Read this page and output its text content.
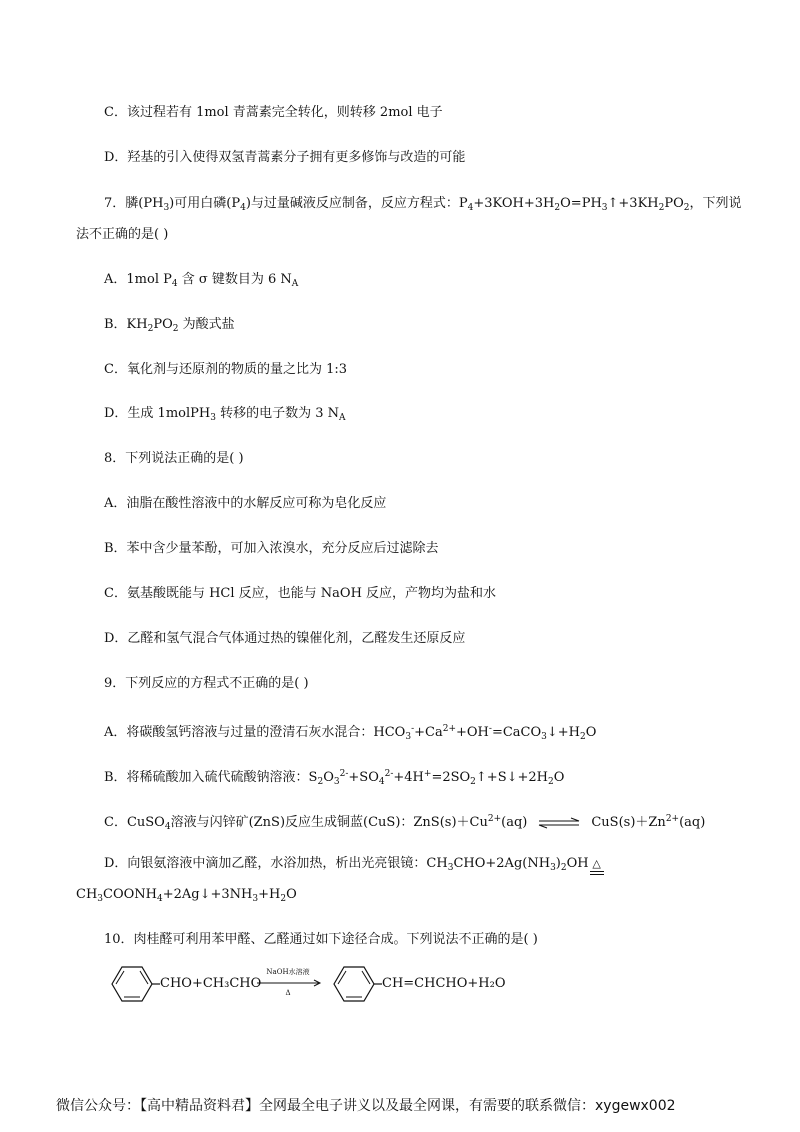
C．该过程若有 1mol 青蒿素完全转化，则转移 2mol 电子
D．羟基的引入使得双氢青蒿素分子拥有更多修饰与改造的可能
7．膦$(PH_3)$可用白磷$(P_4)$与过量碱液反应制备，反应方程式：$P_4+3KOH+3H_2O=PH_3↑+3KH_2PO_2$，下列说
法不正确的是( )
A．1mol $P_4$ 含 σ 键数目为 6 $N_A$
B．$KH_2PO_2$ 为酸式盐
C．氧化剂与还原剂的物质的量之比为 1:3
D．生成 1molPH$_3$ 转移的电子数为 3 $N_A$
8．下列说法正确的是( )
A．油脂在酸性溶液中的水解反应可称为皂化反应
B．苯中含少量苯酚，可加入浓溴水，充分反应后过滤除去
C．氨基酸既能与 HCl 反应，也能与 NaOH 反应，产物均为盐和水
D．乙醛和氢气混合气体通过热的镍催化剂，乙醛发生还原反应
9．下列反应的方程式不正确的是( )
A．将碳酸氢钙溶液与过量的澄清石灰水混合：$HCO_3^-+Ca^{2+}+OH^-=CaCO_3↓+H_2O$
B．将稀硫酸加入硫代硫酸钠溶液：$S_2O_3^{2-}+SO_4^{2-}+4H^+=2SO_2↑+S↓+2H_2O$
C．CuSO$_4$溶液与闪锌矿(ZnS)反应生成铜蓝(CuS)：$ZnS(s)+Cu^{2+}(aq)$ ⇌ $CuS(s)+Zn^{2+}(aq)$
D．向银氨溶液中滴加乙醛，水浴加热，析出光亮银镜：$CH_3CHO+2Ag(NH_3)_2OH$ △
$CH_3COONH_4+2Ag↓+3NH_3+H_2O$
10．肉桂醛可利用苯甲醛、乙醛通过如下途径合成。下列说法不正确的是( )
CHO+CH₃CHO
NaOH水溶液
Δ
CH=CHCHO+H₂O
微信公众号：【高中精品资料君】全网最全电子讲义以及最全网课，有需要的联系微信：xygewx002
